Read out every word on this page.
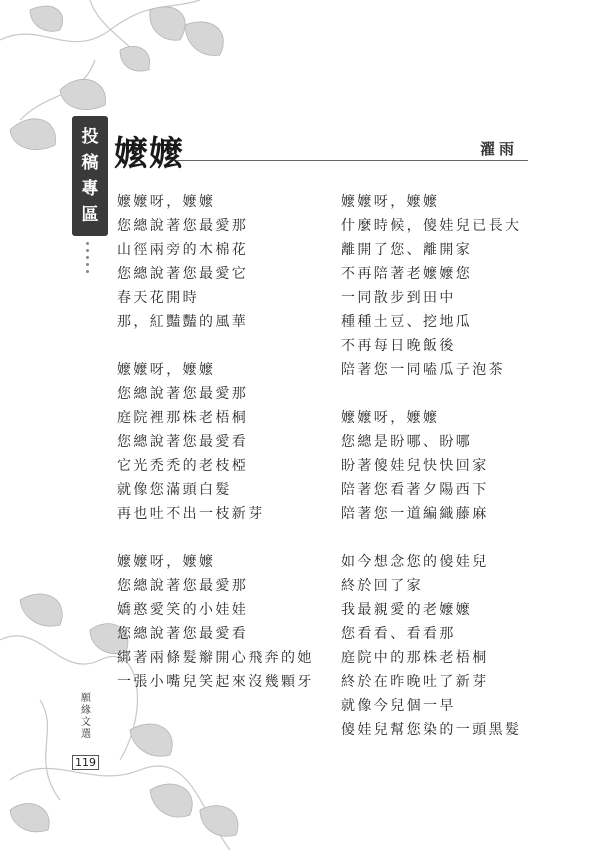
投
稿
專
區
嬤嬤	濯雨
嬤嬤呀，嬤嬤
您總說著您最愛那
山徑兩旁的木棉花
您總說著您最愛它
春天花開時
那，紅豔豔的風華
嬤嬤呀，嬤嬤
您總說著您最愛那
庭院裡那株老梧桐
您總說著您最愛看
它光禿禿的老枝椏
就像您滿頭白髮
再也吐不出一枝新芽
嬤嬤呀，嬤嬤
您總說著您最愛那
嬌憨愛笑的小娃娃
您總說著您最愛看
綁著兩條髮辮開心飛奔的她
一張小嘴兒笑起來沒幾顆牙
嬤嬤呀，嬤嬤
什麼時候，傻娃兒已長大
離開了您、離開家
不再陪著老嬤嬤您
一同散步到田中
種種土豆、挖地瓜
不再每日晚飯後
陪著您一同嗑瓜子泡茶
嬤嬤呀，嬤嬤
您總是盼哪、盼哪
盼著傻娃兒快快回家
陪著您看著夕陽西下
陪著您一道編織藤麻
如今想念您的傻娃兒
終於回了家
我最親愛的老嬤嬤
您看看、看看那
庭院中的那株老梧桐
終於在昨晚吐了新芽
就像今兒個一早
傻娃兒幫您染的一頭黑髮
願
緣
文
選
119
